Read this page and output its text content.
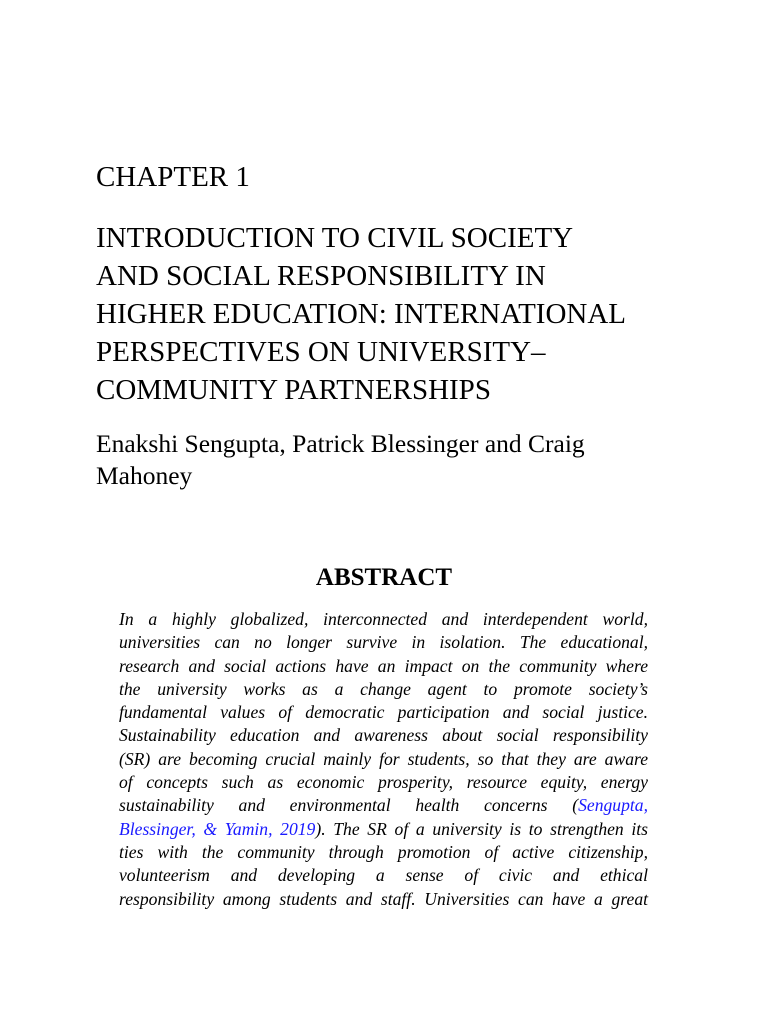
CHAPTER 1
INTRODUCTION TO CIVIL SOCIETY
AND SOCIAL RESPONSIBILITY IN
HIGHER EDUCATION: INTERNATIONAL
PERSPECTIVES ON UNIVERSITY–
COMMUNITY PARTNERSHIPS

Enakshi Sengupta, Patrick Blessinger and Craig Mahoney

ABSTRACT
In a highly globalized, interconnected and interdependent world,
universities can no longer survive in isolation. The educational,
research and social actions have an impact on the community where
the university works as a change agent to promote society’s
fundamental values of democratic participation and social justice.
Sustainability education and awareness about social responsibility
(SR) are becoming crucial mainly for students, so that they are aware
of concepts such as economic prosperity, resource equity, energy
sustainability and environmental health concerns (Sengupta,
Blessinger, & Yamin, 2019). The SR of a university is to strengthen its
ties with the community through promotion of active citizenship,
volunteerism and developing a sense of civic and ethical
responsibility among students and staff. Universities can have a great
